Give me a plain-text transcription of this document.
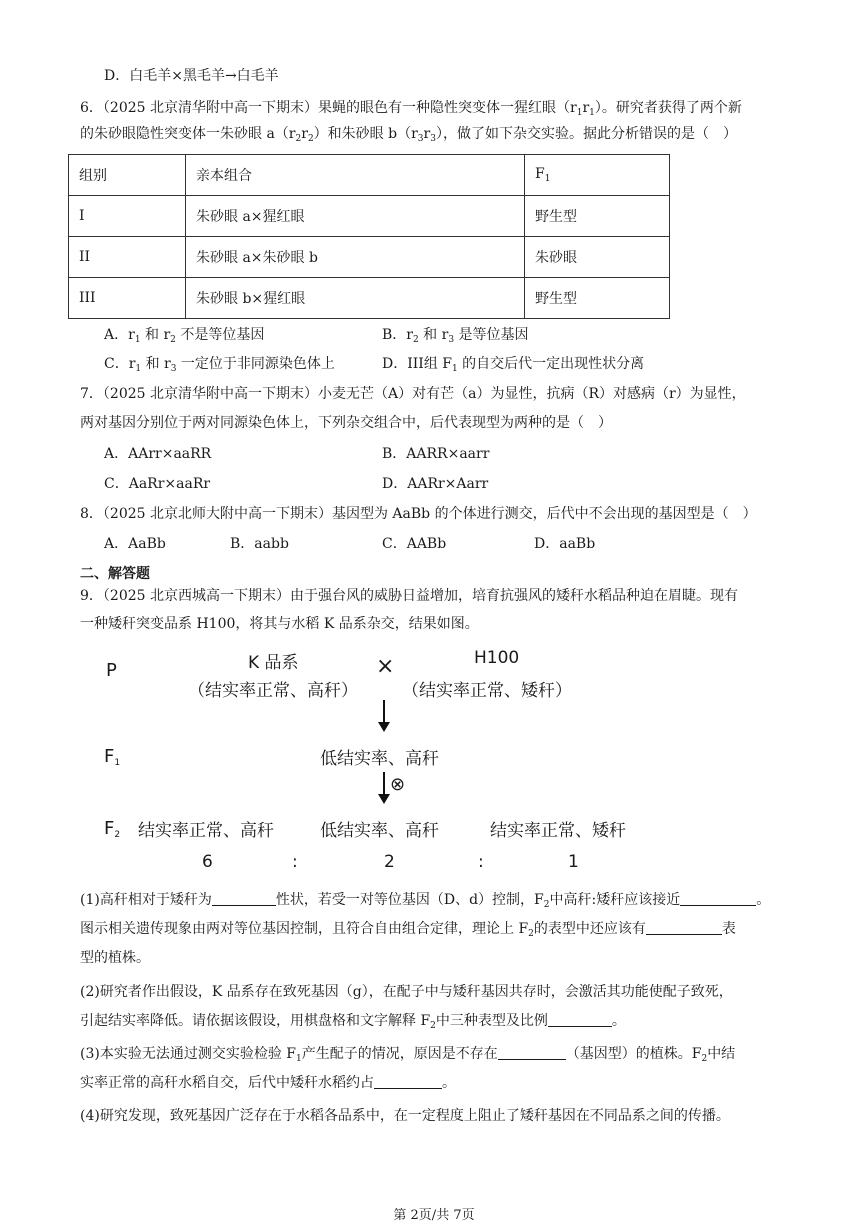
D．白毛羊×黑毛羊→白毛羊
6．（2025 北京清华附中高一下期末）果蝇的眼色有一种隐性突变体一猩红眼$(r_1r_1)$。研究者获得了两个新
的朱砂眼隐性突变体一朱砂眼 $a(r_2r_2)$和朱砂眼 $b(r_3r_3)$，做了如下杂交实验。据此分析错误的是（　）
组别	亲本组合	$F_1$
I	朱砂眼 a×猩红眼	野生型
II	朱砂眼 a×朱砂眼 b	朱砂眼
III	朱砂眼 b×猩红眼	野生型
A．$r_1$ 和 $r_2$ 不是等位基因	B．$r_2$ 和 $r_3$ 是等位基因
C．$r_1$ 和 $r_3$ 一定位于非同源染色体上	D．III组 $F_1$ 的自交后代一定出现性状分离
7．（2025 北京清华附中高一下期末）小麦无芒（A）对有芒（a）为显性，抗病（R）对感病（r）为显性，
两对基因分别位于两对同源染色体上，下列杂交组合中，后代表现型为两种的是（　）
A．AArr×aaRR	B．AARR×aarr
C．AaRr×aaRr	D．AARr×Aarr
8．（2025 北京北师大附中高一下期末）基因型为 AaBb 的个体进行测交，后代中不会出现的基因型是（　）
A．AaBb	B．aabb	C．AABb	D．aaBb
二、解答题
9．（2025 北京西城高一下期末）由于强台风的威胁日益增加，培育抗强风的矮秆水稻品种迫在眉睫。现有
一种矮秆突变品系 H100，将其与水稻 K 品系杂交，结果如图。
P	K 品系
（结实率正常、高秆）
×	H100
（结实率正常、矮秆）
$F_1$	低结实率、高秆
⊗
$F_2$ 结实率正常、高秆	低结实率、高秆	结实率正常、矮秆
6	:	2	:	1
(1)高秆相对于矮秆为	性状，若受一对等位基因（D、d）控制，$F_2$中高秆:矮秆应该接近	。
图示相关遗传现象由两对等位基因控制，且符合自由组合定律，理论上 $F_2$的表型中还应该有	表
型的植株。
(2)研究者作出假设，K 品系存在致死基因（g），在配子中与矮秆基因共存时，会激活其功能使配子致死，
引起结实率降低。请依据该假设，用棋盘格和文字解释 $F_2$中三种表型及比例	。
(3)本实验无法通过测交实验检验 $F_1$产生配子的情况，原因是不存在	（基因型）的植株。$F_2$中结
实率正常的高秆水稻自交，后代中矮秆水稻约占	。
(4)研究发现，致死基因广泛存在于水稻各品系中，在一定程度上阻止了矮秆基因在不同品系之间的传播。
第 2页/共 7页
